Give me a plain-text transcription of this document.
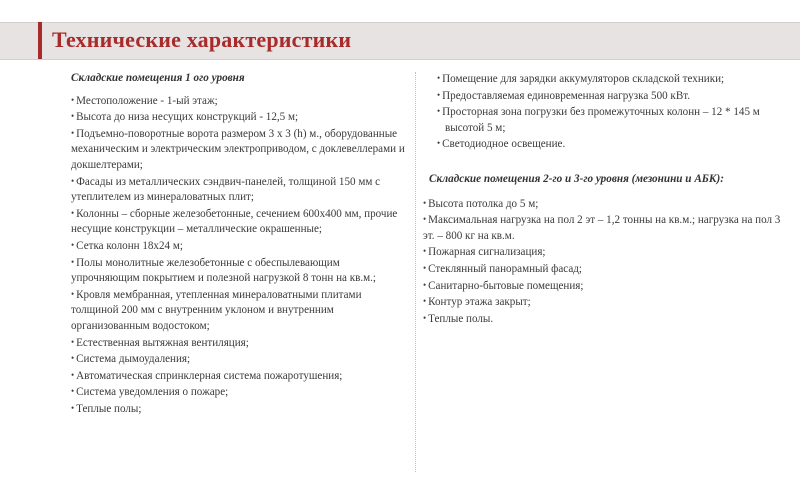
Технические характеристики

Складские помещения 1 ого уровня

• Местоположение - 1-ый этаж;
• Высота до низа несущих конструкций - 12,5 м;
• Подъемно-поворотные ворота размером 3 х 3 (h) м., оборудованные механическим и электрическим электроприводом, с доклевеллерами и докшелтерами;
• Фасады из металлических сэндвич-панелей, толщиной 150 мм с утеплителем из минераловатных плит;
• Колонны – сборные железобетонные, сечением 600х400 мм, прочие несущие конструкции – металлические окрашенные;
• Сетка колонн 18х24 м;
• Полы монолитные железобетонные с обеспылевающим упрочняющим покрытием и полезной нагрузкой 8 тонн на кв.м.;
• Кровля мембранная, утепленная минераловатными плитами толщиной 200 мм с внутренним уклоном и внутренним организованным водостоком;
• Естественная вытяжная вентиляция;
• Система дымоудаления;
• Автоматическая спринклерная система пожаротушения;
• Система уведомления о пожаре;
• Теплые полы;
• Помещение для зарядки аккумуляторов складской техники;
• Предоставляемая единовременная нагрузка 500 кВт.
• Просторная зона погрузки без промежуточных колонн – 12 * 145 м высотой 5 м;
• Светодиодное освещение.

Складские помещения 2-го и 3-го уровня (мезонини и АБК):

• Высота потолка до 5 м;
• Максимальная нагрузка на пол 2 эт – 1,2 тонны на кв.м.; нагрузка на пол 3 эт. – 800 кг на кв.м.
• Пожарная сигнализация;
• Стеклянный панорамный фасад;
• Санитарно-бытовые помещения;
• Контур этажа закрыт;
• Теплые полы.
